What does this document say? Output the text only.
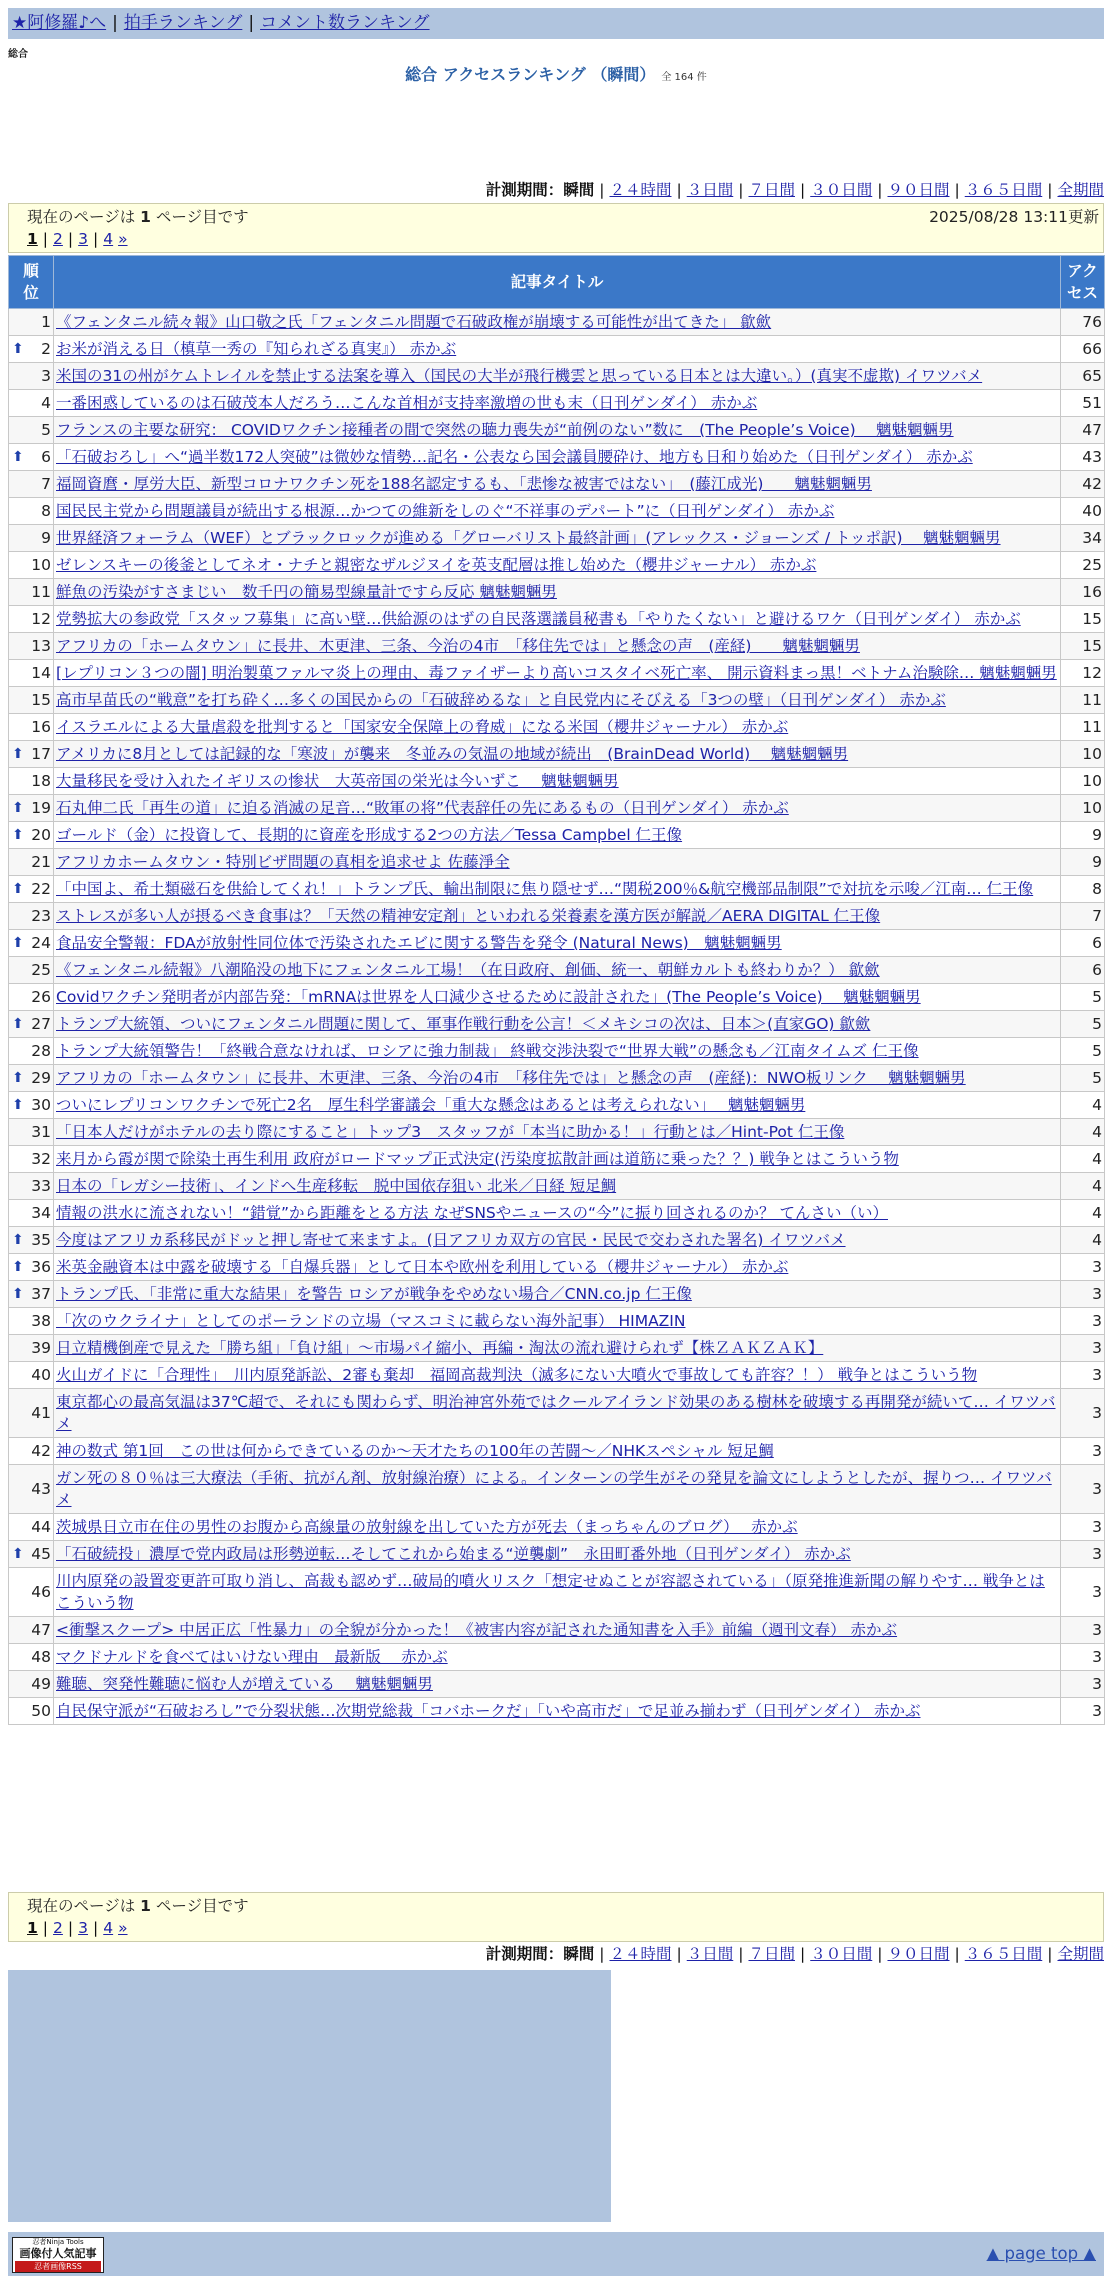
★阿修羅♪へ | 拍手ランキング | コメント数ランキング
総合
総合 アクセスランキング （瞬間） 全 164 件
計測期間：瞬間 | ２４時間 | ３日間 | ７日間 | ３０日間 | ９０日間 | ３６５日間 | 全期間
現在のページは 1 ページ目です	2025/08/28 13:11更新
1 | 2 | 3 | 4 »
順位	記事タイトル	アクセス
1	《フェンタニル続々報》山口敬之氏「フェンタニル問題で石破政権が崩壊する可能性が出てきた」 歙歛	76

⬆ 2	お米が消える日（槙草一秀の『知られざる真実』） 赤かぶ	66
3	米国の31の州がケムトレイルを禁止する法案を導入（国民の大半が飛行機雲と思っている日本とは大違い。）(真実不虚欺) イワツバメ	65
4	一番困惑しているのは石破茂本人だろう…こんな首相が支持率激増の世も末（日刊ゲンダイ） 赤かぶ	51
5	フランスの主要な研究： COVIDワクチン接種者の間で突然の聴力喪失が“前例のない”数に　(The People’s Voice)　 魑魅魍魎男	47

⬆ 6	「石破おろし」へ“過半数172人突破”は微妙な情勢…記名・公表なら国会議員腰砕け、地方も日和り始めた（日刊ゲンダイ） 赤かぶ	43
7	福岡資麿・厚労大臣、新型コロナワクチン死を188名認定するも、「悲惨な被害ではない」　(藤江成光)　　魑魅魍魎男	42
8	国民民主党から問題議員が続出する根源…かつての維新をしのぐ“不祥事のデパート”に（日刊ゲンダイ） 赤かぶ	40
9	世界経済フォーラム（WEF）とブラックロックが進める「グローバリスト最終計画」(アレックス・ジョーンズ / トッポ訳)　 魑魅魍魎男	34
10	ゼレンスキーの後釜としてネオ・ナチと親密なザルジヌイを英支配層は推し始めた（櫻井ジャーナル） 赤かぶ	25
11	鮮魚の汚染がすさまじい　数千円の簡易型線量計ですら反応 魑魅魍魎男	16
12	党勢拡大の参政党「スタッフ募集」に高い壁…供給源のはずの自民落選議員秘書も「やりたくない」と避けるワケ（日刊ゲンダイ） 赤かぶ	15
13	アフリカの「ホームタウン」に長井、木更津、三条、今治の4市　「移住先では」と懸念の声　(産経)　　魑魅魍魎男	15
14	[レプリコン３つの闇] 明治製菓ファルマ炎上の理由、毒ファイザーより高いコスタイベ死亡率、 開示資料まっ黒！ベトナム治験除… 魑魅魍魎男	12
15	高市早苗氏の“戦意”を打ち砕く…多くの国民からの「石破辞めるな」と自民党内にそびえる「3つの壁」（日刊ゲンダイ） 赤かぶ	11
16	イスラエルによる大量虐殺を批判すると「国家安全保障上の脅威」になる米国（櫻井ジャーナル） 赤かぶ	11

⬆ 17	アメリカに8月としては記録的な「寒波」が襲来　冬並みの気温の地域が続出　(BrainDead World)　 魑魅魍魎男	10
18	大量移民を受け入れたイギリスの惨状　大英帝国の栄光は今いずこ　 魑魅魍魎男	10

⬆ 19	石丸伸二氏「再生の道」に迫る消滅の足音…“敗軍の将”代表辞任の先にあるもの（日刊ゲンダイ） 赤かぶ	10

⬆ 20	ゴールド（金）に投資して、長期的に資産を形成する2つの方法／Tessa Campbel 仁王像	9
21	アフリカホームタウン・特別ビザ問題の真相を追求せよ 佐藤淨全	9

⬆ 22	「中国よ、希土類磁石を供給してくれ！」トランプ氏、輸出制限に焦り隠せず…“関税200％&航空機部品制限”で対抗を示唆／江南… 仁王像	8
23	ストレスが多い人が摂るべき食事は？「天然の精神安定剤」といわれる栄養素を漢方医が解説／AERA DIGITAL 仁王像	7

⬆ 24	食品安全警報：FDAが放射性同位体で汚染されたエビに関する警告を発令 (Natural News)　魑魅魍魎男	6
25	《フェンタニル続報》八潮陥没の地下にフェンタニル工場！（在日政府、創価、統一、朝鮮カルトも終わりか？） 歙歛	6
26	Covidワクチン発明者が内部告発：「mRNAは世界を人口減少させるために設計された」(The People’s Voice)　 魑魅魍魎男	5

⬆ 27	トランプ大統領、ついにフェンタニル問題に関して、軍事作戦行動を公言！＜メキシコの次は、日本＞(直家GO) 歙歛	5
28	トランプ大統領警告！「終戦合意なければ、ロシアに強力制裁」 終戦交渉決裂で“世界大戦”の懸念も／江南タイムズ 仁王像	5

⬆ 29	アフリカの「ホームタウン」に長井、木更津、三条、今治の4市　「移住先では」と懸念の声　(産経)：NWO板リンク　 魑魅魍魎男	5

⬆ 30	ついにレプリコンワクチンで死亡2名　厚生科学審議会「重大な懸念はあるとは考えられない」　 魑魅魍魎男	4
31	「日本人だけがホテルの去り際にすること」トップ3　スタッフが「本当に助かる！」行動とは／Hint-Pot 仁王像	4
32	来月から霞が関で除染土再生利用 政府がロードマップ正式決定(汚染度拡散計画は道筋に乗った？？) 戦争とはこういう物	4
33	日本の「レガシー技術」、インドへ生産移転　脱中国依存狙い 北米／日経 短足鯛	4
34	情報の洪水に流されない！“錯覚”から距離をとる方法 なぜSNSやニュースの“今”に振り回されるのか？ てんさい（い）	4

⬆ 35	今度はアフリカ系移民がドッと押し寄せて来ますよ。(日アフリカ双方の官民・民民で交わされた署名) イワツバメ	4

⬆ 36	米英金融資本は中露を破壊する「自爆兵器」として日本や欧州を利用している（櫻井ジャーナル） 赤かぶ	3

⬆ 37	トランプ氏、「非常に重大な結果」を警告 ロシアが戦争をやめない場合／CNN.co.jp 仁王像	3
38	「次のウクライナ」としてのポーランドの立場（マスコミに載らない海外記事） HIMAZIN	3
39	日立精機倒産で見えた「勝ち組」「負け組」〜市場パイ縮小、再編・淘汰の流れ避けられず【株ＺＡＫＺＡＫ】	3
40	火山ガイドに「合理性」　川内原発訴訟、2審も棄却　福岡高裁判決（滅多にない大噴火で事故しても許容？！） 戦争とはこういう物	3
41	東京都心の最高気温は37℃超で、それにも関わらず、明治神宮外苑ではクールアイランド効果のある樹林を破壊する再開発が続いて… イワツバメ	3
42	神の数式 第1回　この世は何からできているのか〜天才たちの100年の苦闘〜／NHKスペシャル 短足鯛	3
43	ガン死の８０％は三大療法（手術、抗がん剤、放射線治療）による。インターンの学生がその発見を論文にしようとしたが、握りつ… イワツバメ	3
44	茨城県日立市在住の男性のお腹から高線量の放射線を出していた方が死去（まっちゃんのブログ）　 赤かぶ	3

⬆ 45	「石破続投」濃厚で党内政局は形勢逆転…そしてこれから始まる“逆襲劇”　永田町番外地（日刊ゲンダイ） 赤かぶ	3
46	川内原発の設置変更許可取り消し、高裁も認めず…破局的噴火リスク「想定せぬことが容認されている」（原発推進新聞の解りやす… 戦争とはこういう物	3
47	<衝撃スクープ> 中居正広「性暴力」の全貌が分かった！《被害内容が記された通知書を入手》前編（週刊文春） 赤かぶ	3
48	マクドナルドを食べてはいけない理由　最新版　 赤かぶ	3
49	難聴、突発性難聴に悩む人が増えている　 魑魅魍魎男	3
50	自民保守派が“石破おろし”で分裂状態…次期党総裁「コバホークだ」「いや高市だ」で足並み揃わず（日刊ゲンダイ） 赤かぶ	3
現在のページは 1 ページ目です
1 | 2 | 3 | 4 »
計測期間：瞬間 | ２４時間 | ３日間 | ７日間 | ３０日間 | ９０日間 | ３６５日間 | 全期間
忍者Ninja Tools
画像付人気記事
忍者画像RSS
▲ page top ▲
